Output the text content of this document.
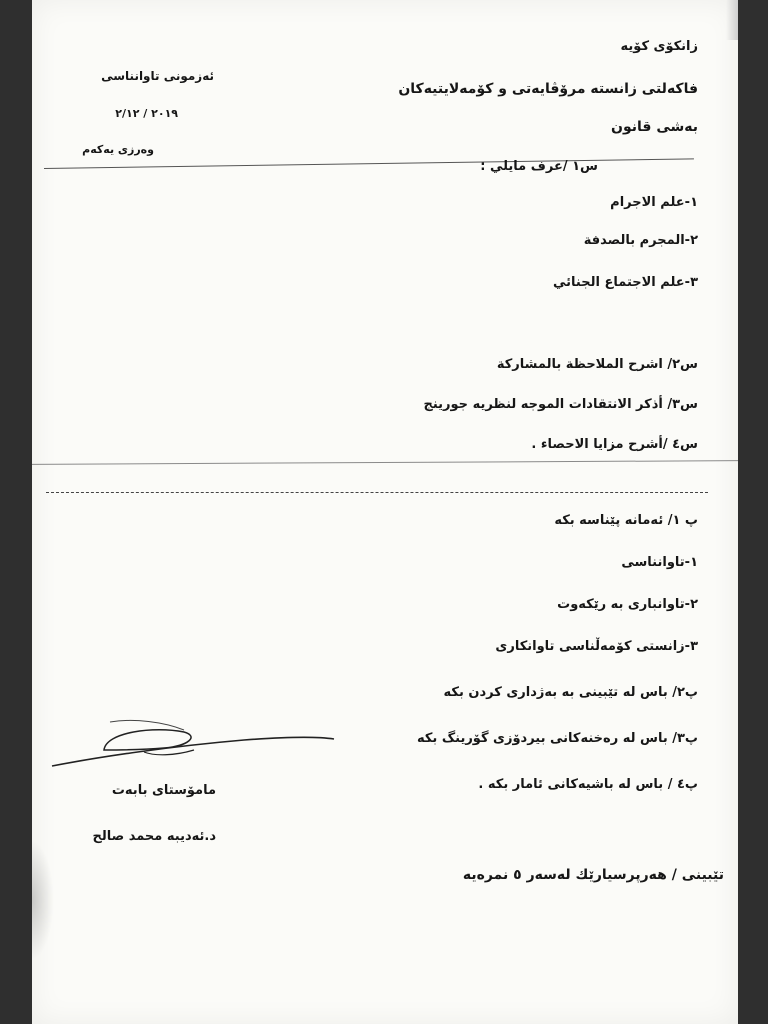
زانكۆی كۆیه
فاكەلتی زانستە مرۆڤایەتی و كۆمەلایتیەكان
بەشی قانون
ئەزمونی تاوانناسی
٢٠١٩ / ٢/١٢
وەرزی یەكەم
س١ /عرف مايلي :
١-علم الاجرام
٢-المجرم بالصدفة
٣-علم الاجتماع الجنائي
س٢/ اشرح الملاحظة بالمشاركة
س٣/ أذكر الانتقادات الموجه لنظريه جورينج
س٤ /أشرح مزايا الاحصاء .
پ ١/ ئەمانە پێناسە بكە
١-تاوانناسی
٢-تاوانباری بە رێكەوت
٣-زانستی كۆمەڵناسی تاوانكاری
پ٢/ باس لە تێبینی بە بەژداری كردن بكە
پ٣/ باس لە رەخنەكانی بیردۆزی گۆرینگ بكە
پ٤ / باس لە باشیەكانی ئامار بكە .
مامۆستای بابەت
د.ئەدیبە محمد صالح
تێبینی / هەرپرسیارێك لەسەر ٥ نمرەیە
